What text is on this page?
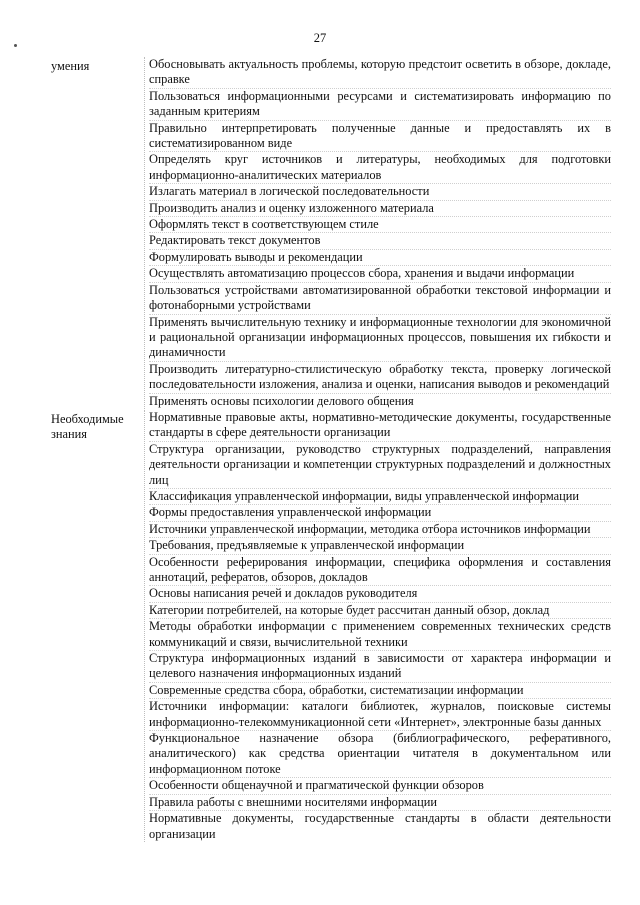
27
умения	Обосновывать актуальность проблемы, которую предстоит осветить в обзоре, докладе, справке
Пользоваться информационными ресурсами и систематизировать информацию по заданным критериям
Правильно интерпретировать полученные данные и предоставлять их в систематизированном виде
Определять круг источников и литературы, необходимых для подготовки информационно-аналитических материалов
Излагать материал в логической последовательности
Производить анализ и оценку изложенного материала
Оформлять текст в соответствующем стиле
Редактировать текст документов
Формулировать выводы и рекомендации
Осуществлять автоматизацию процессов сбора, хранения и выдачи информации
Пользоваться устройствами автоматизированной обработки текстовой информации и фотонаборными устройствами
Применять вычислительную технику и информационные технологии для экономичной и рациональной организации информационных процессов, повышения их гибкости и динамичности
Производить литературно-стилистическую обработку текста, проверку логической последовательности изложения, анализа и оценки, написания выводов и рекомендаций
Применять основы психологии делового общения
Необходимые знания
Нормативные правовые акты, нормативно-методические документы, государственные стандарты в сфере деятельности организации
Структура организации, руководство структурных подразделений, направления деятельности организации и компетенции структурных подразделений и должностных лиц
Классификация управленческой информации, виды управленческой информации
Формы предоставления управленческой информации
Источники управленческой информации, методика отбора источников информации
Требования, предъявляемые к управленческой информации
Особенности реферирования информации, специфика оформления и составления аннотаций, рефератов, обзоров, докладов
Основы написания речей и докладов руководителя
Категории потребителей, на которые будет рассчитан данный обзор, доклад
Методы обработки информации с применением современных технических средств коммуникаций и связи, вычислительной техники
Структура информационных изданий в зависимости от характера информации и целевого назначения информационных изданий
Современные средства сбора, обработки, систематизации информации
Источники информации: каталоги библиотек, журналов, поисковые системы информационно-телекоммуникационной сети «Интернет», электронные базы данных
Функциональное назначение обзора (библиографического, реферативного, аналитического) как средства ориентации читателя в документальном или информационном потоке
Особенности общенаучной и прагматической функции обзоров
Правила работы с внешними носителями информации
Нормативные документы, государственные стандарты в области деятельности организации
